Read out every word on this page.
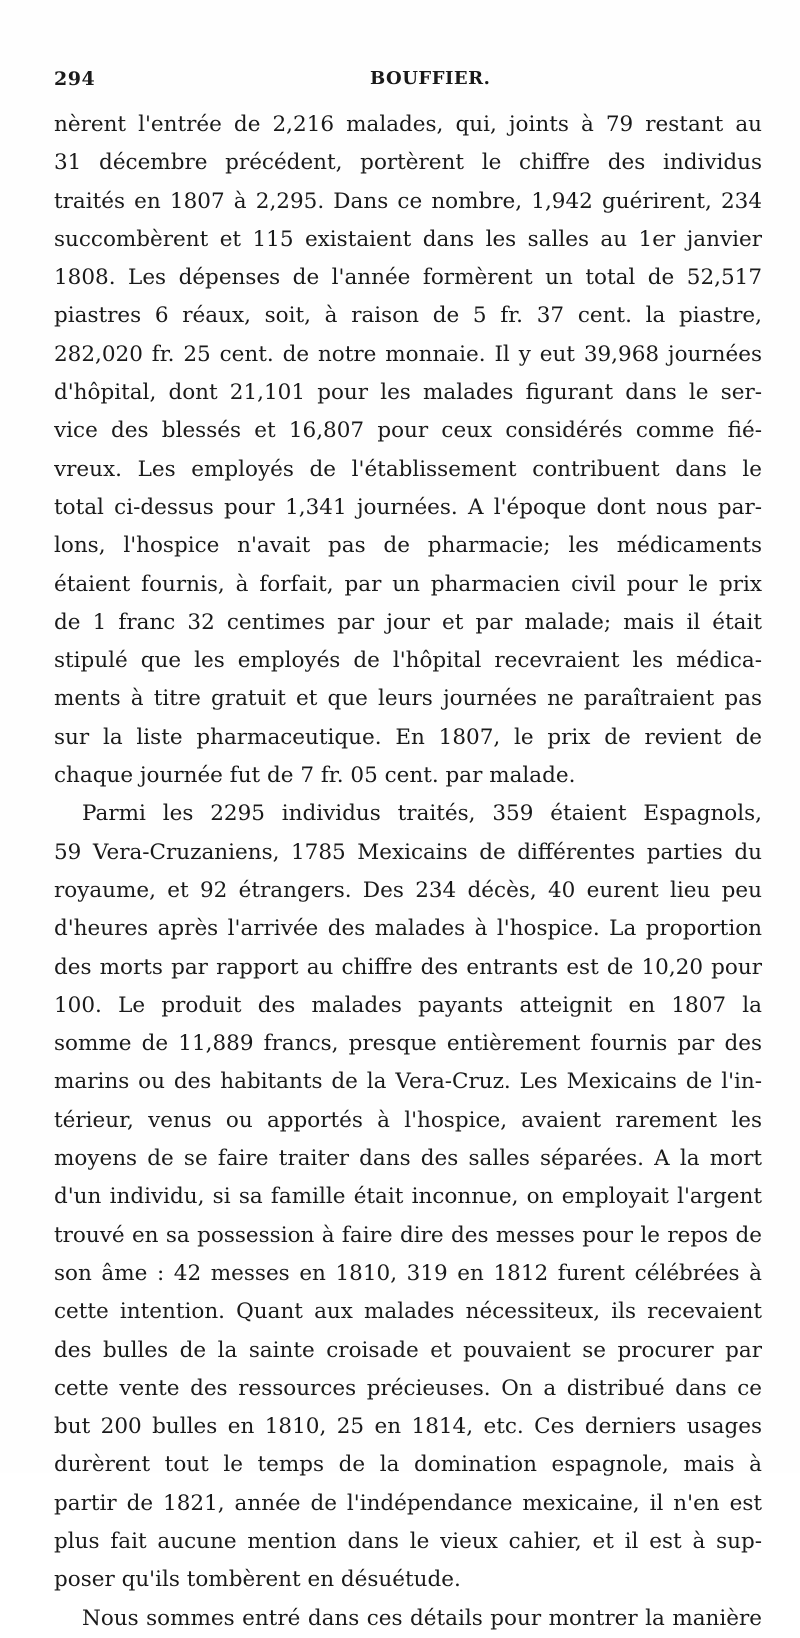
294	BOUFFIER.
nèrent l'entrée de 2,216 malades, qui, joints à 79 restant au
31 décembre précédent, portèrent le chiffre des individus
traités en 1807 à 2,295. Dans ce nombre, 1,942 guérirent, 234
succombèrent et 115 existaient dans les salles au 1er janvier
1808. Les dépenses de l'année formèrent un total de 52,517
piastres 6 réaux, soit, à raison de 5 fr. 37 cent. la piastre,
282,020 fr. 25 cent. de notre monnaie. Il y eut 39,968 journées
d'hôpital, dont 21,101 pour les malades figurant dans le ser-
vice des blessés et 16,807 pour ceux considérés comme fié-
vreux. Les employés de l'établissement contribuent dans le
total ci-dessus pour 1,341 journées. A l'époque dont nous par-
lons, l'hospice n'avait pas de pharmacie; les médicaments
étaient fournis, à forfait, par un pharmacien civil pour le prix
de 1 franc 32 centimes par jour et par malade; mais il était
stipulé que les employés de l'hôpital recevraient les médica-
ments à titre gratuit et que leurs journées ne paraîtraient pas
sur la liste pharmaceutique. En 1807, le prix de revient de
chaque journée fut de 7 fr. 05 cent. par malade.
Parmi les 2295 individus traités, 359 étaient Espagnols,
59 Vera-Cruzaniens, 1785 Mexicains de différentes parties du
royaume, et 92 étrangers. Des 234 décès, 40 eurent lieu peu
d'heures après l'arrivée des malades à l'hospice. La proportion
des morts par rapport au chiffre des entrants est de 10,20 pour
100. Le produit des malades payants atteignit en 1807 la
somme de 11,889 francs, presque entièrement fournis par des
marins ou des habitants de la Vera-Cruz. Les Mexicains de l'in-
térieur, venus ou apportés à l'hospice, avaient rarement les
moyens de se faire traiter dans des salles séparées. A la mort
d'un individu, si sa famille était inconnue, on employait l'argent
trouvé en sa possession à faire dire des messes pour le repos de
son âme : 42 messes en 1810, 319 en 1812 furent célébrées à
cette intention. Quant aux malades nécessiteux, ils recevaient
des bulles de la sainte croisade et pouvaient se procurer par
cette vente des ressources précieuses. On a distribué dans ce
but 200 bulles en 1810, 25 en 1814, etc. Ces derniers usages
durèrent tout le temps de la domination espagnole, mais à
partir de 1821, année de l'indépendance mexicaine, il n'en est
plus fait aucune mention dans le vieux cahier, et il est à sup-
poser qu'ils tombèrent en désuétude.
Nous sommes entré dans ces détails pour montrer la manière
